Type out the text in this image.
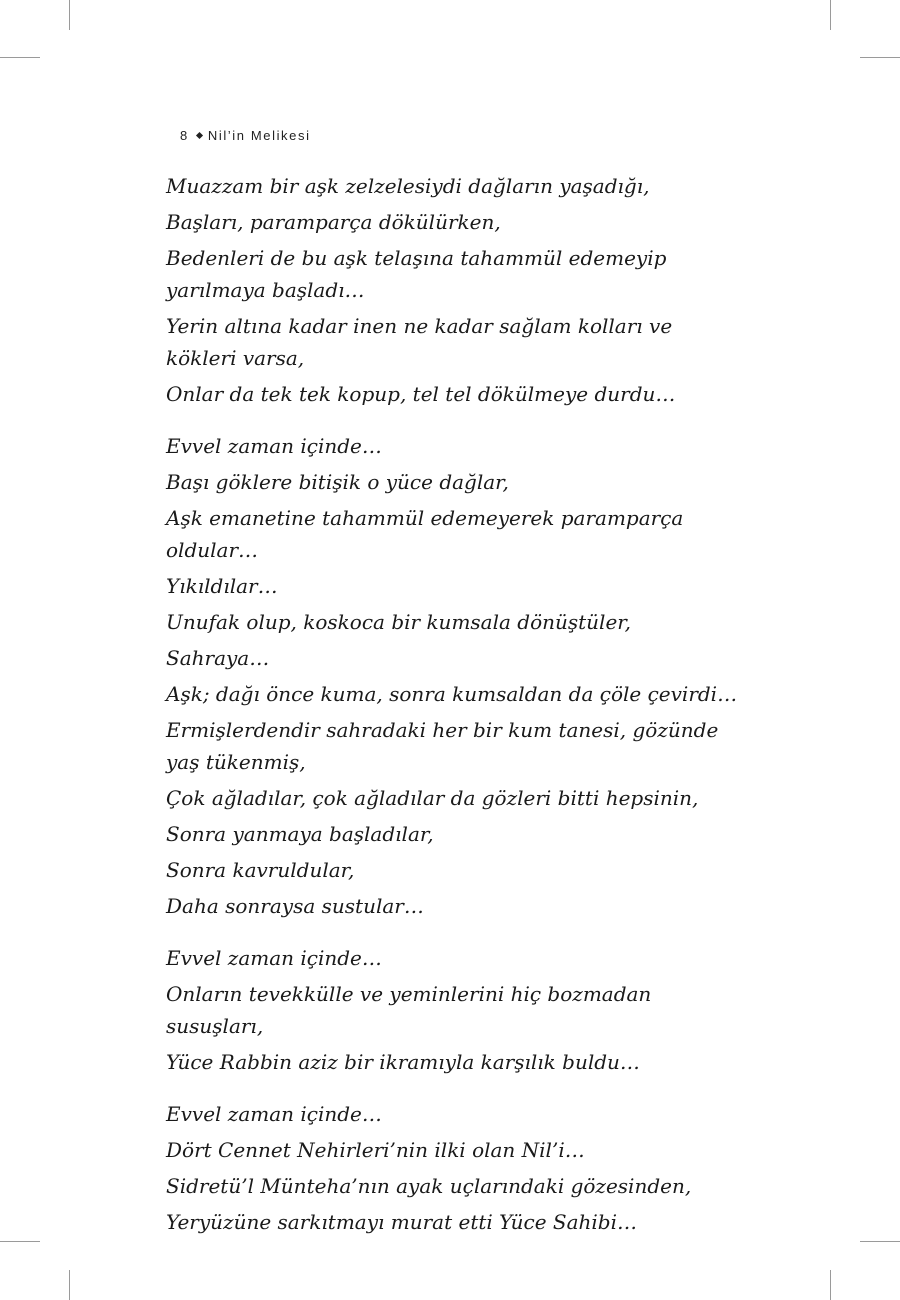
8 Nil’in Melikesi

Muazzam bir aşk zelzelesiydi dağların yaşadığı,

Başları, paramparça dökülürken,

Bedenleri de bu aşk telaşına tahammül edemeyip yarılmaya başladı…

Yerin altına kadar inen ne kadar sağlam kolları ve kökleri varsa,

Onlar da tek tek kopup, tel tel dökülmeye durdu…

Evvel zaman içinde…

Başı göklere bitişik o yüce dağlar,

Aşk emanetine tahammül edemeyerek paramparça oldular…

Yıkıldılar…

Unufak olup, koskoca bir kumsala dönüştüler,

Sahraya…

Aşk; dağı önce kuma, sonra kumsaldan da çöle çevirdi…

Ermişlerdendir sahradaki her bir kum tanesi, gözünde yaş tükenmiş,

Çok ağladılar, çok ağladılar da gözleri bitti hepsinin,

Sonra yanmaya başladılar,

Sonra kavruldular,

Daha sonraysa sustular…

Evvel zaman içinde…

Onların tevekkülle ve yeminlerini hiç bozmadan susuşları,

Yüce Rabbin aziz bir ikramıyla karşılık buldu…

Evvel zaman içinde…

Dört Cennet Nehirleri’nin ilki olan Nil’i…

Sidretü’l Münteha’nın ayak uçlarındaki gözesinden,

Yeryüzüne sarkıtmayı murat etti Yüce Sahibi…
